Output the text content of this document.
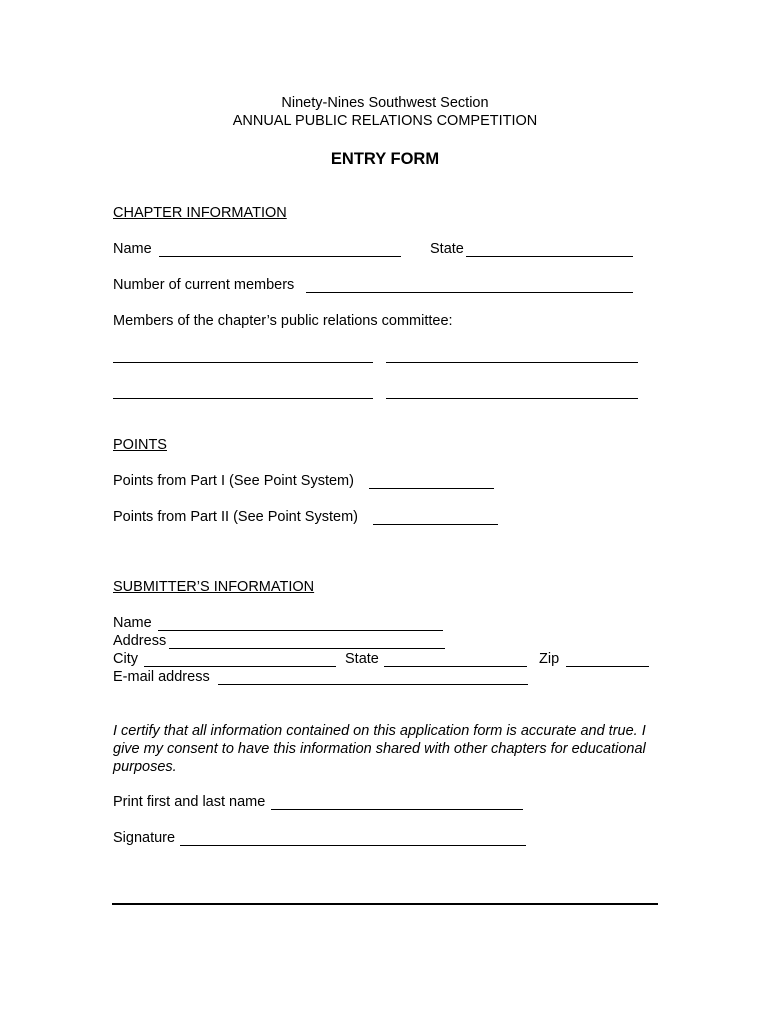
Ninety-Nines Southwest Section
ANNUAL PUBLIC RELATIONS COMPETITION
ENTRY FORM
CHAPTER INFORMATION
Name	State
Number of current members
Members of the chapter’s public relations committee:
POINTS
Points from Part I (See Point System)
Points from Part II (See Point System)
SUBMITTER’S INFORMATION
Name
Address
City	State	Zip
E-mail address
I certify that all information contained on this application form is accurate and true. I give my consent to have this information shared with other chapters for educational purposes.
Print first and last name
Signature
